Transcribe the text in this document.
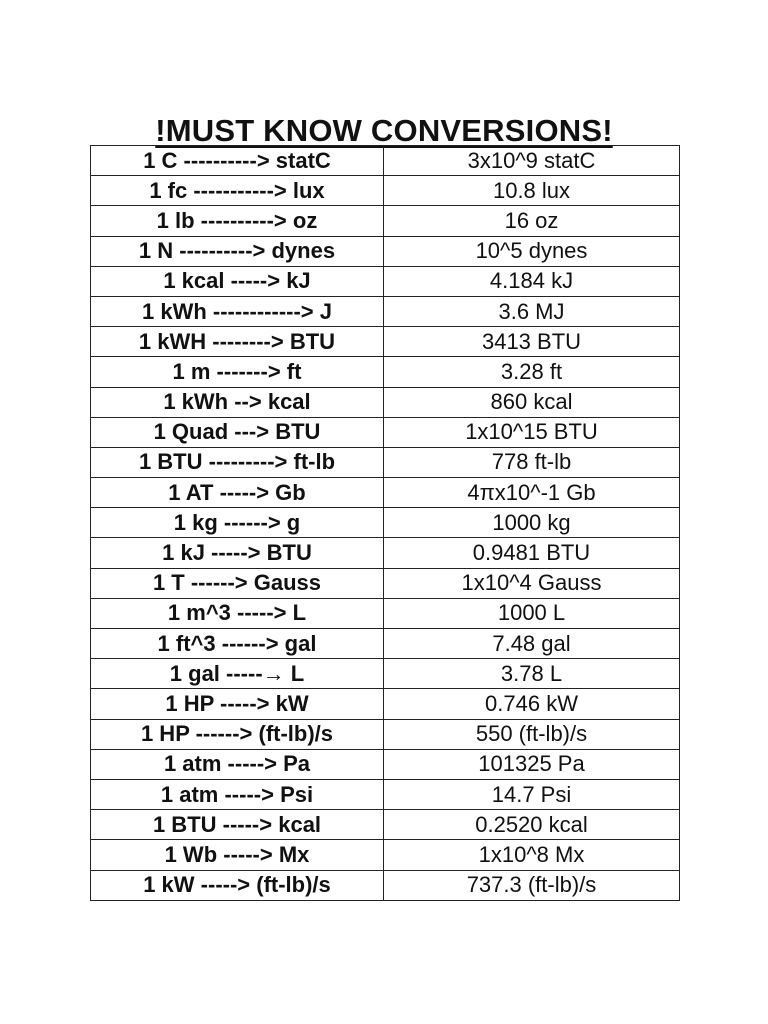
!MUST KNOW CONVERSIONS!
1 C ----------> statC	3x10^9 statC
1 fc -----------> lux	10.8 lux
1 lb ----------> oz	16 oz
1 N ----------> dynes	10^5 dynes
1 kcal -----> kJ	4.184 kJ
1 kWh ------------> J	3.6 MJ
1 kWH --------> BTU	3413 BTU
1 m -------> ft	3.28 ft
1 kWh --> kcal	860 kcal
1 Quad ---> BTU	1x10^15 BTU
1 BTU ---------> ft-lb	778 ft-lb
1 AT -----> Gb	4πx10^-1 Gb
1 kg ------> g	1000 kg
1 kJ -----> BTU	0.9481 BTU
1 T ------> Gauss	1x10^4 Gauss
1 m^3 -----> L	1000 L
1 ft^3 ------> gal	7.48 gal
1 gal -----→ L	3.78 L
1 HP -----> kW	0.746 kW
1 HP ------> (ft-lb)/s	550 (ft-lb)/s
1 atm -----> Pa	101325 Pa
1 atm -----> Psi	14.7 Psi
1 BTU -----> kcal	0.2520 kcal
1 Wb -----> Mx	1x10^8 Mx
1 kW -----> (ft-lb)/s	737.3 (ft-lb)/s
